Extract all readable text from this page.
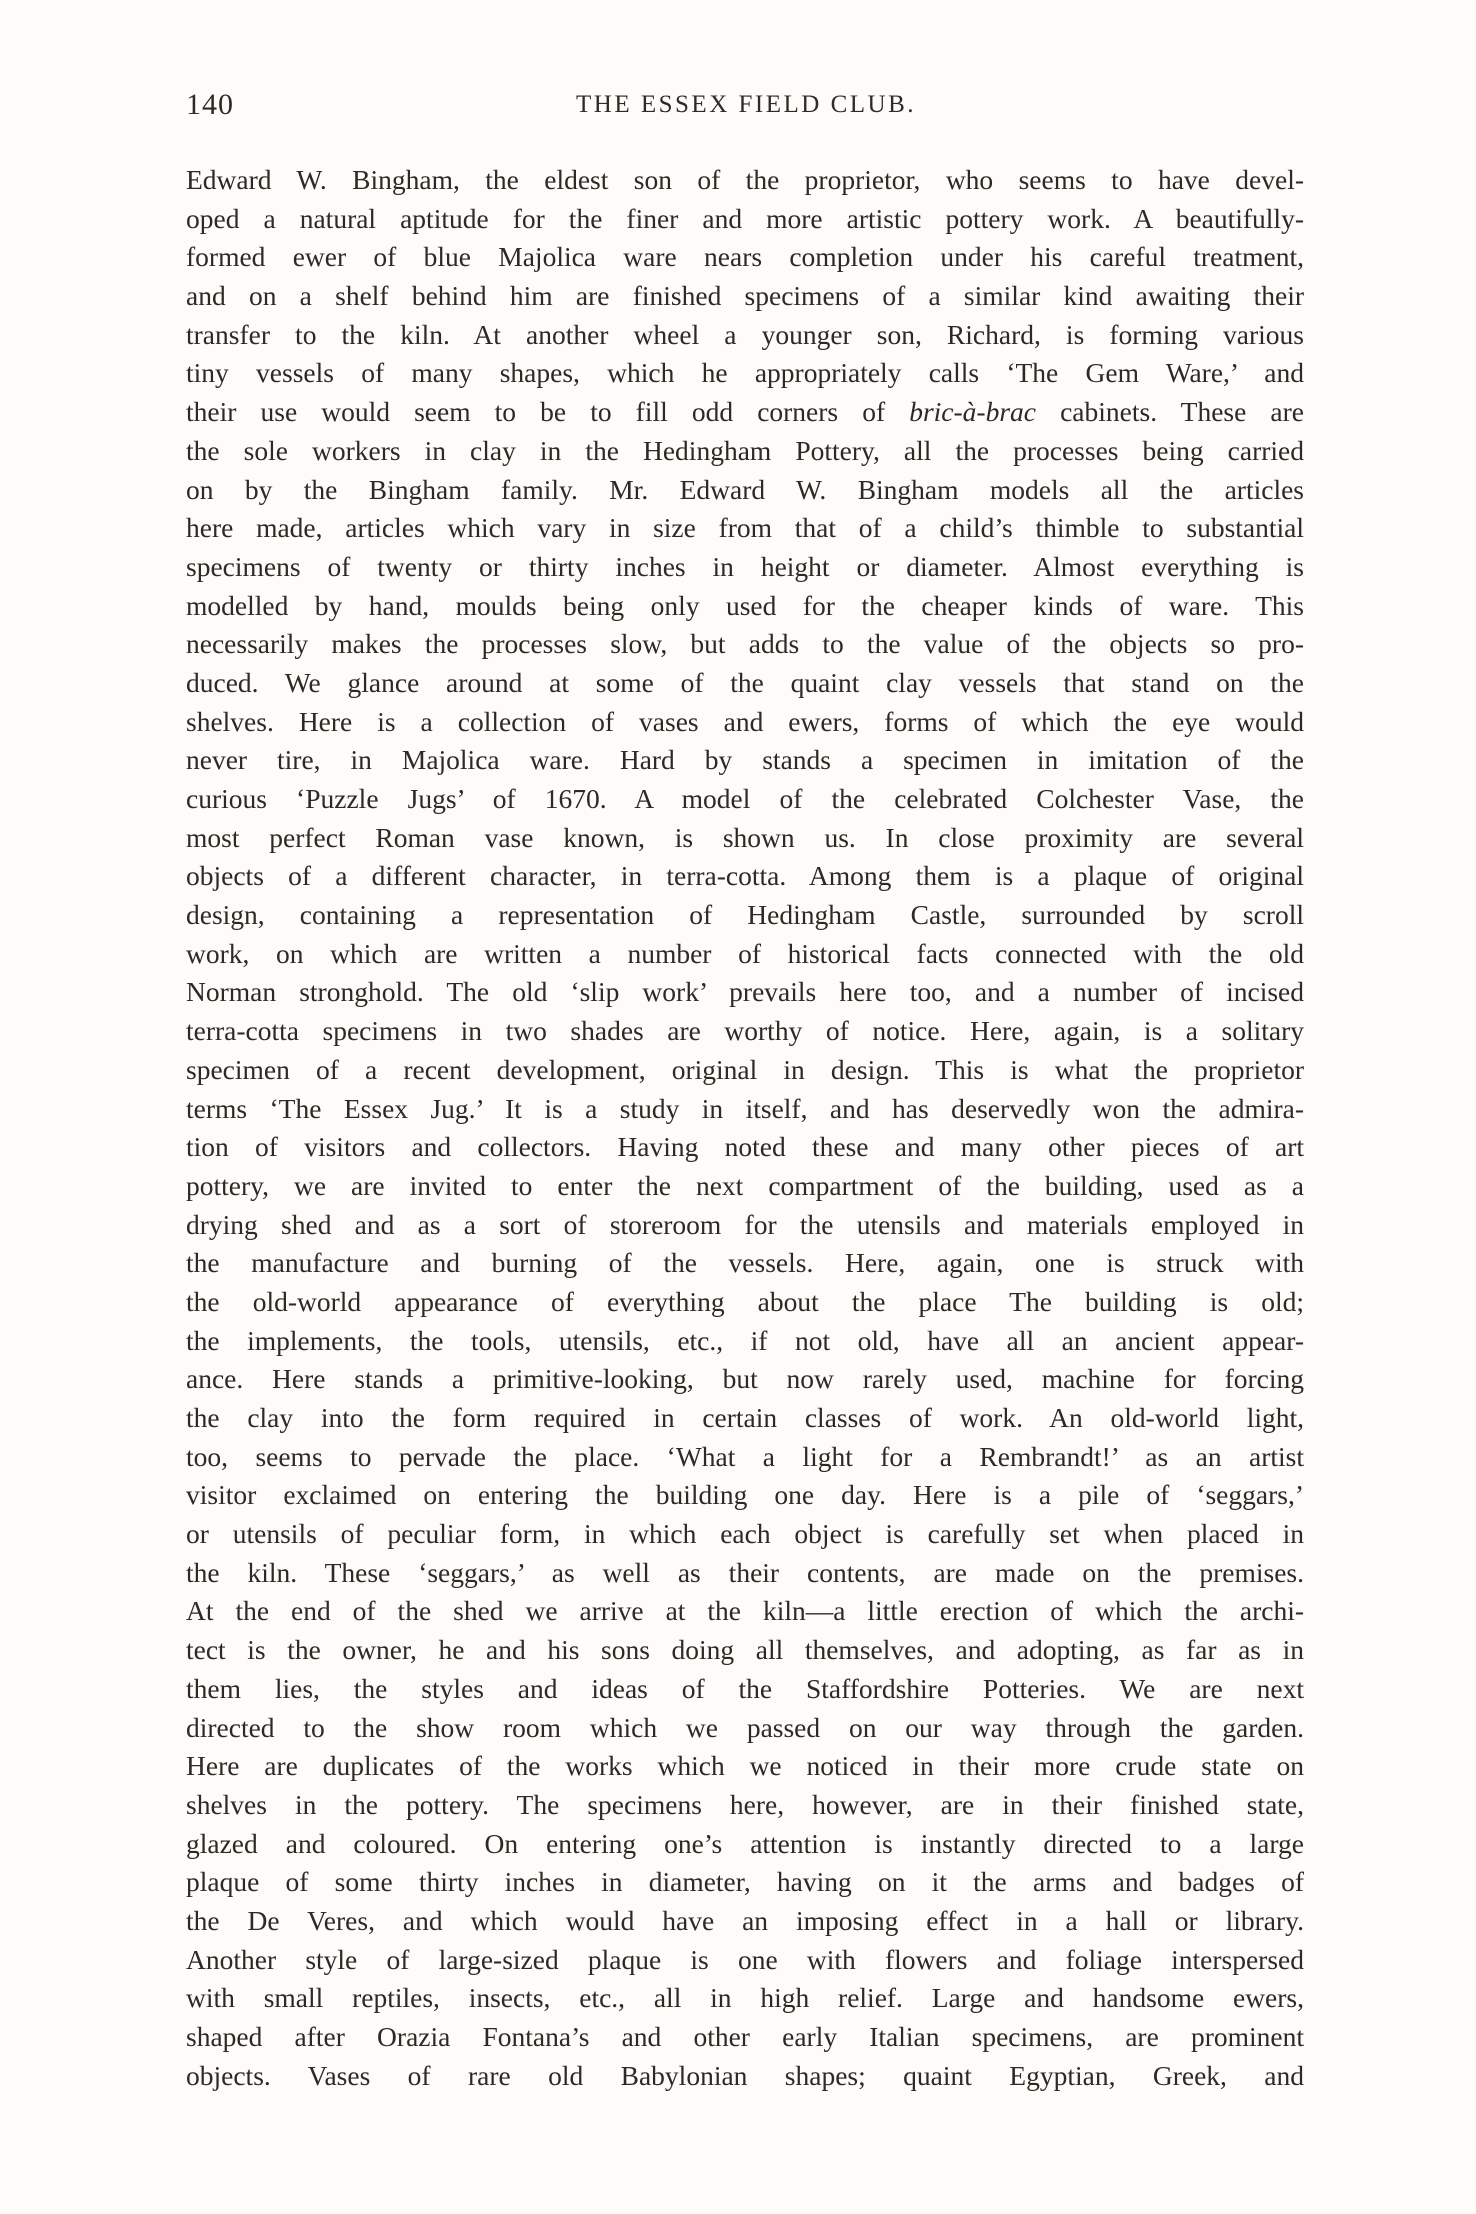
140	THE ESSEX FIELD CLUB.
Edward W. Bingham, the eldest son of the proprietor, who seems to have devel-
oped a natural aptitude for the finer and more artistic pottery work. A beautifully-
formed ewer of blue Majolica ware nears completion under his careful treatment,
and on a shelf behind him are finished specimens of a similar kind awaiting their
transfer to the kiln. At another wheel a younger son, Richard, is forming various
tiny vessels of many shapes, which he appropriately calls ‘The Gem Ware,’ and
their use would seem to be to fill odd corners of bric-à-brac cabinets. These are
the sole workers in clay in the Hedingham Pottery, all the processes being carried
on by the Bingham family. Mr. Edward W. Bingham models all the articles
here made, articles which vary in size from that of a child’s thimble to substantial
specimens of twenty or thirty inches in height or diameter. Almost everything is
modelled by hand, moulds being only used for the cheaper kinds of ware. This
necessarily makes the processes slow, but adds to the value of the objects so pro-
duced. We glance around at some of the quaint clay vessels that stand on the
shelves. Here is a collection of vases and ewers, forms of which the eye would
never tire, in Majolica ware. Hard by stands a specimen in imitation of the
curious ‘Puzzle Jugs’ of 1670. A model of the celebrated Colchester Vase, the
most perfect Roman vase known, is shown us. In close proximity are several
objects of a different character, in terra-cotta. Among them is a plaque of original
design, containing a representation of Hedingham Castle, surrounded by scroll
work, on which are written a number of historical facts connected with the old
Norman stronghold. The old ‘slip work’ prevails here too, and a number of incised
terra-cotta specimens in two shades are worthy of notice. Here, again, is a solitary
specimen of a recent development, original in design. This is what the proprietor
terms ‘The Essex Jug.’ It is a study in itself, and has deservedly won the admira-
tion of visitors and collectors. Having noted these and many other pieces of art
pottery, we are invited to enter the next compartment of the building, used as a
drying shed and as a sort of storeroom for the utensils and materials employed in
the manufacture and burning of the vessels. Here, again, one is struck with
the old-world appearance of everything about the place The building is old;
the implements, the tools, utensils, etc., if not old, have all an ancient appear-
ance. Here stands a primitive-looking, but now rarely used, machine for forcing
the clay into the form required in certain classes of work. An old-world light,
too, seems to pervade the place. ‘What a light for a Rembrandt!’ as an artist
visitor exclaimed on entering the building one day. Here is a pile of ‘seggars,’
or utensils of peculiar form, in which each object is carefully set when placed in
the kiln. These ‘seggars,’ as well as their contents, are made on the premises.
At the end of the shed we arrive at the kiln—a little erection of which the archi-
tect is the owner, he and his sons doing all themselves, and adopting, as far as in
them lies, the styles and ideas of the Staffordshire Potteries. We are next
directed to the show room which we passed on our way through the garden.
Here are duplicates of the works which we noticed in their more crude state on
shelves in the pottery. The specimens here, however, are in their finished state,
glazed and coloured. On entering one’s attention is instantly directed to a large
plaque of some thirty inches in diameter, having on it the arms and badges of
the De Veres, and which would have an imposing effect in a hall or library.
Another style of large-sized plaque is one with flowers and foliage interspersed
with small reptiles, insects, etc., all in high relief. Large and handsome ewers,
shaped after Orazia Fontana’s and other early Italian specimens, are prominent
objects. Vases of rare old Babylonian shapes; quaint Egyptian, Greek, and
